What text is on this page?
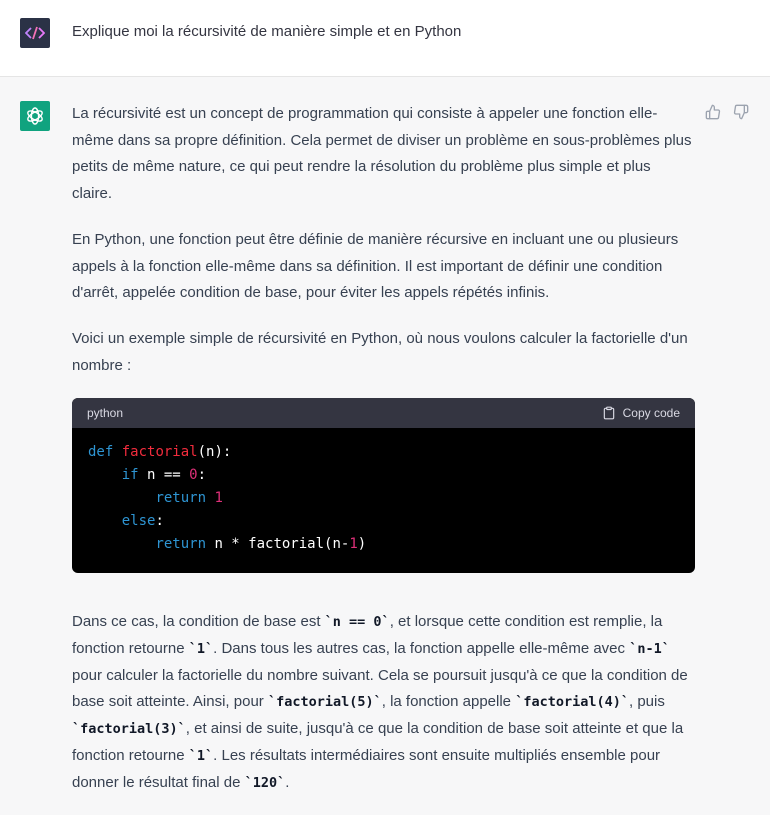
Explique moi la récursivité de manière simple et en Python

La récursivité est un concept de programmation qui consiste à appeler une fonction elle-même dans sa propre définition. Cela permet de diviser un problème en sous-problèmes plus petits de même nature, ce qui peut rendre la résolution du problème plus simple et plus claire.

En Python, une fonction peut être définie de manière récursive en incluant une ou plusieurs appels à la fonction elle-même dans sa définition. Il est important de définir une condition d'arrêt, appelée condition de base, pour éviter les appels répétés infinis.

Voici un exemple simple de récursivité en Python, où nous voulons calculer la factorielle d'un nombre :

python	Copy code
def factorial(n):
if n == 0:
return 1
else:
return n * factorial(n-1)

Dans ce cas, la condition de base est `n == 0`, et lorsque cette condition est remplie, la fonction retourne `1`. Dans tous les autres cas, la fonction appelle elle-même avec `n-1` pour calculer la factorielle du nombre suivant. Cela se poursuit jusqu'à ce que la condition de base soit atteinte. Ainsi, pour `factorial(5)`, la fonction appelle `factorial(4)`, puis `factorial(3)`, et ainsi de suite, jusqu'à ce que la condition de base soit atteinte et que la fonction retourne `1`. Les résultats intermédiaires sont ensuite multipliés ensemble pour donner le résultat final de `120`.
